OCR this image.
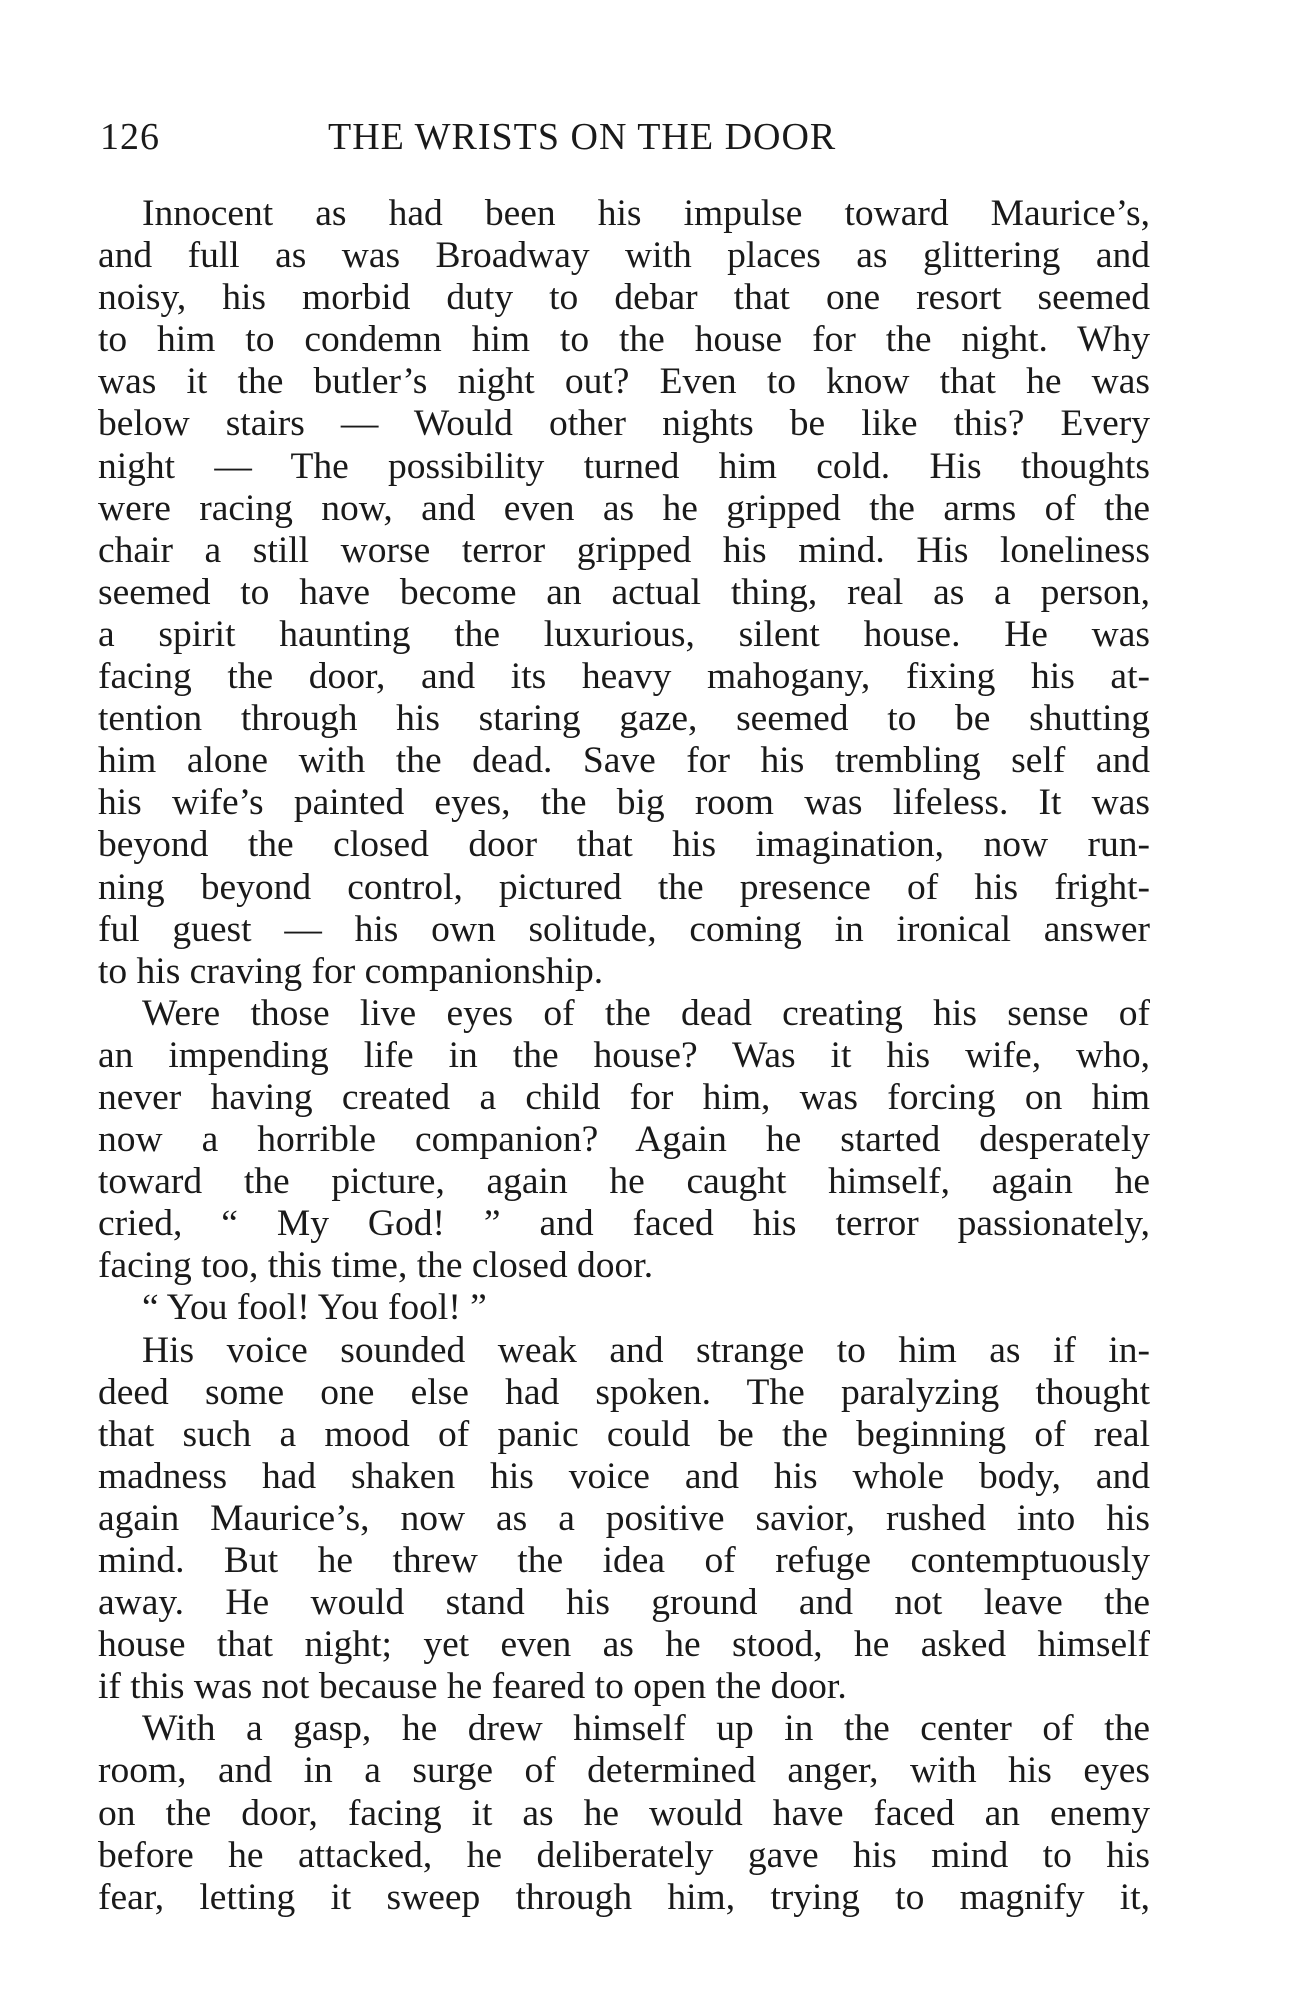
126	THE WRISTS ON THE DOOR
Innocent as had been his impulse toward Maurice’s,
and full as was Broadway with places as glittering and
noisy, his morbid duty to debar that one resort seemed
to him to condemn him to the house for the night. Why
was it the butler’s night out? Even to know that he was
below stairs — Would other nights be like this? Every
night — The possibility turned him cold. His thoughts
were racing now, and even as he gripped the arms of the
chair a still worse terror gripped his mind. His loneliness
seemed to have become an actual thing, real as a person,
a spirit haunting the luxurious, silent house. He was
facing the door, and its heavy mahogany, fixing his at-
tention through his staring gaze, seemed to be shutting
him alone with the dead. Save for his trembling self and
his wife’s painted eyes, the big room was lifeless. It was
beyond the closed door that his imagination, now run-
ning beyond control, pictured the presence of his fright-
ful guest — his own solitude, coming in ironical answer
to his craving for companionship.
Were those live eyes of the dead creating his sense of
an impending life in the house? Was it his wife, who,
never having created a child for him, was forcing on him
now a horrible companion? Again he started desperately
toward the picture, again he caught himself, again he
cried, “ My God! ” and faced his terror passionately,
facing too, this time, the closed door.
“ You fool! You fool! ”
His voice sounded weak and strange to him as if in-
deed some one else had spoken. The paralyzing thought
that such a mood of panic could be the beginning of real
madness had shaken his voice and his whole body, and
again Maurice’s, now as a positive savior, rushed into his
mind. But he threw the idea of refuge contemptuously
away. He would stand his ground and not leave the
house that night; yet even as he stood, he asked himself
if this was not because he feared to open the door.
With a gasp, he drew himself up in the center of the
room, and in a surge of determined anger, with his eyes
on the door, facing it as he would have faced an enemy
before he attacked, he deliberately gave his mind to his
fear, letting it sweep through him, trying to magnify it,
